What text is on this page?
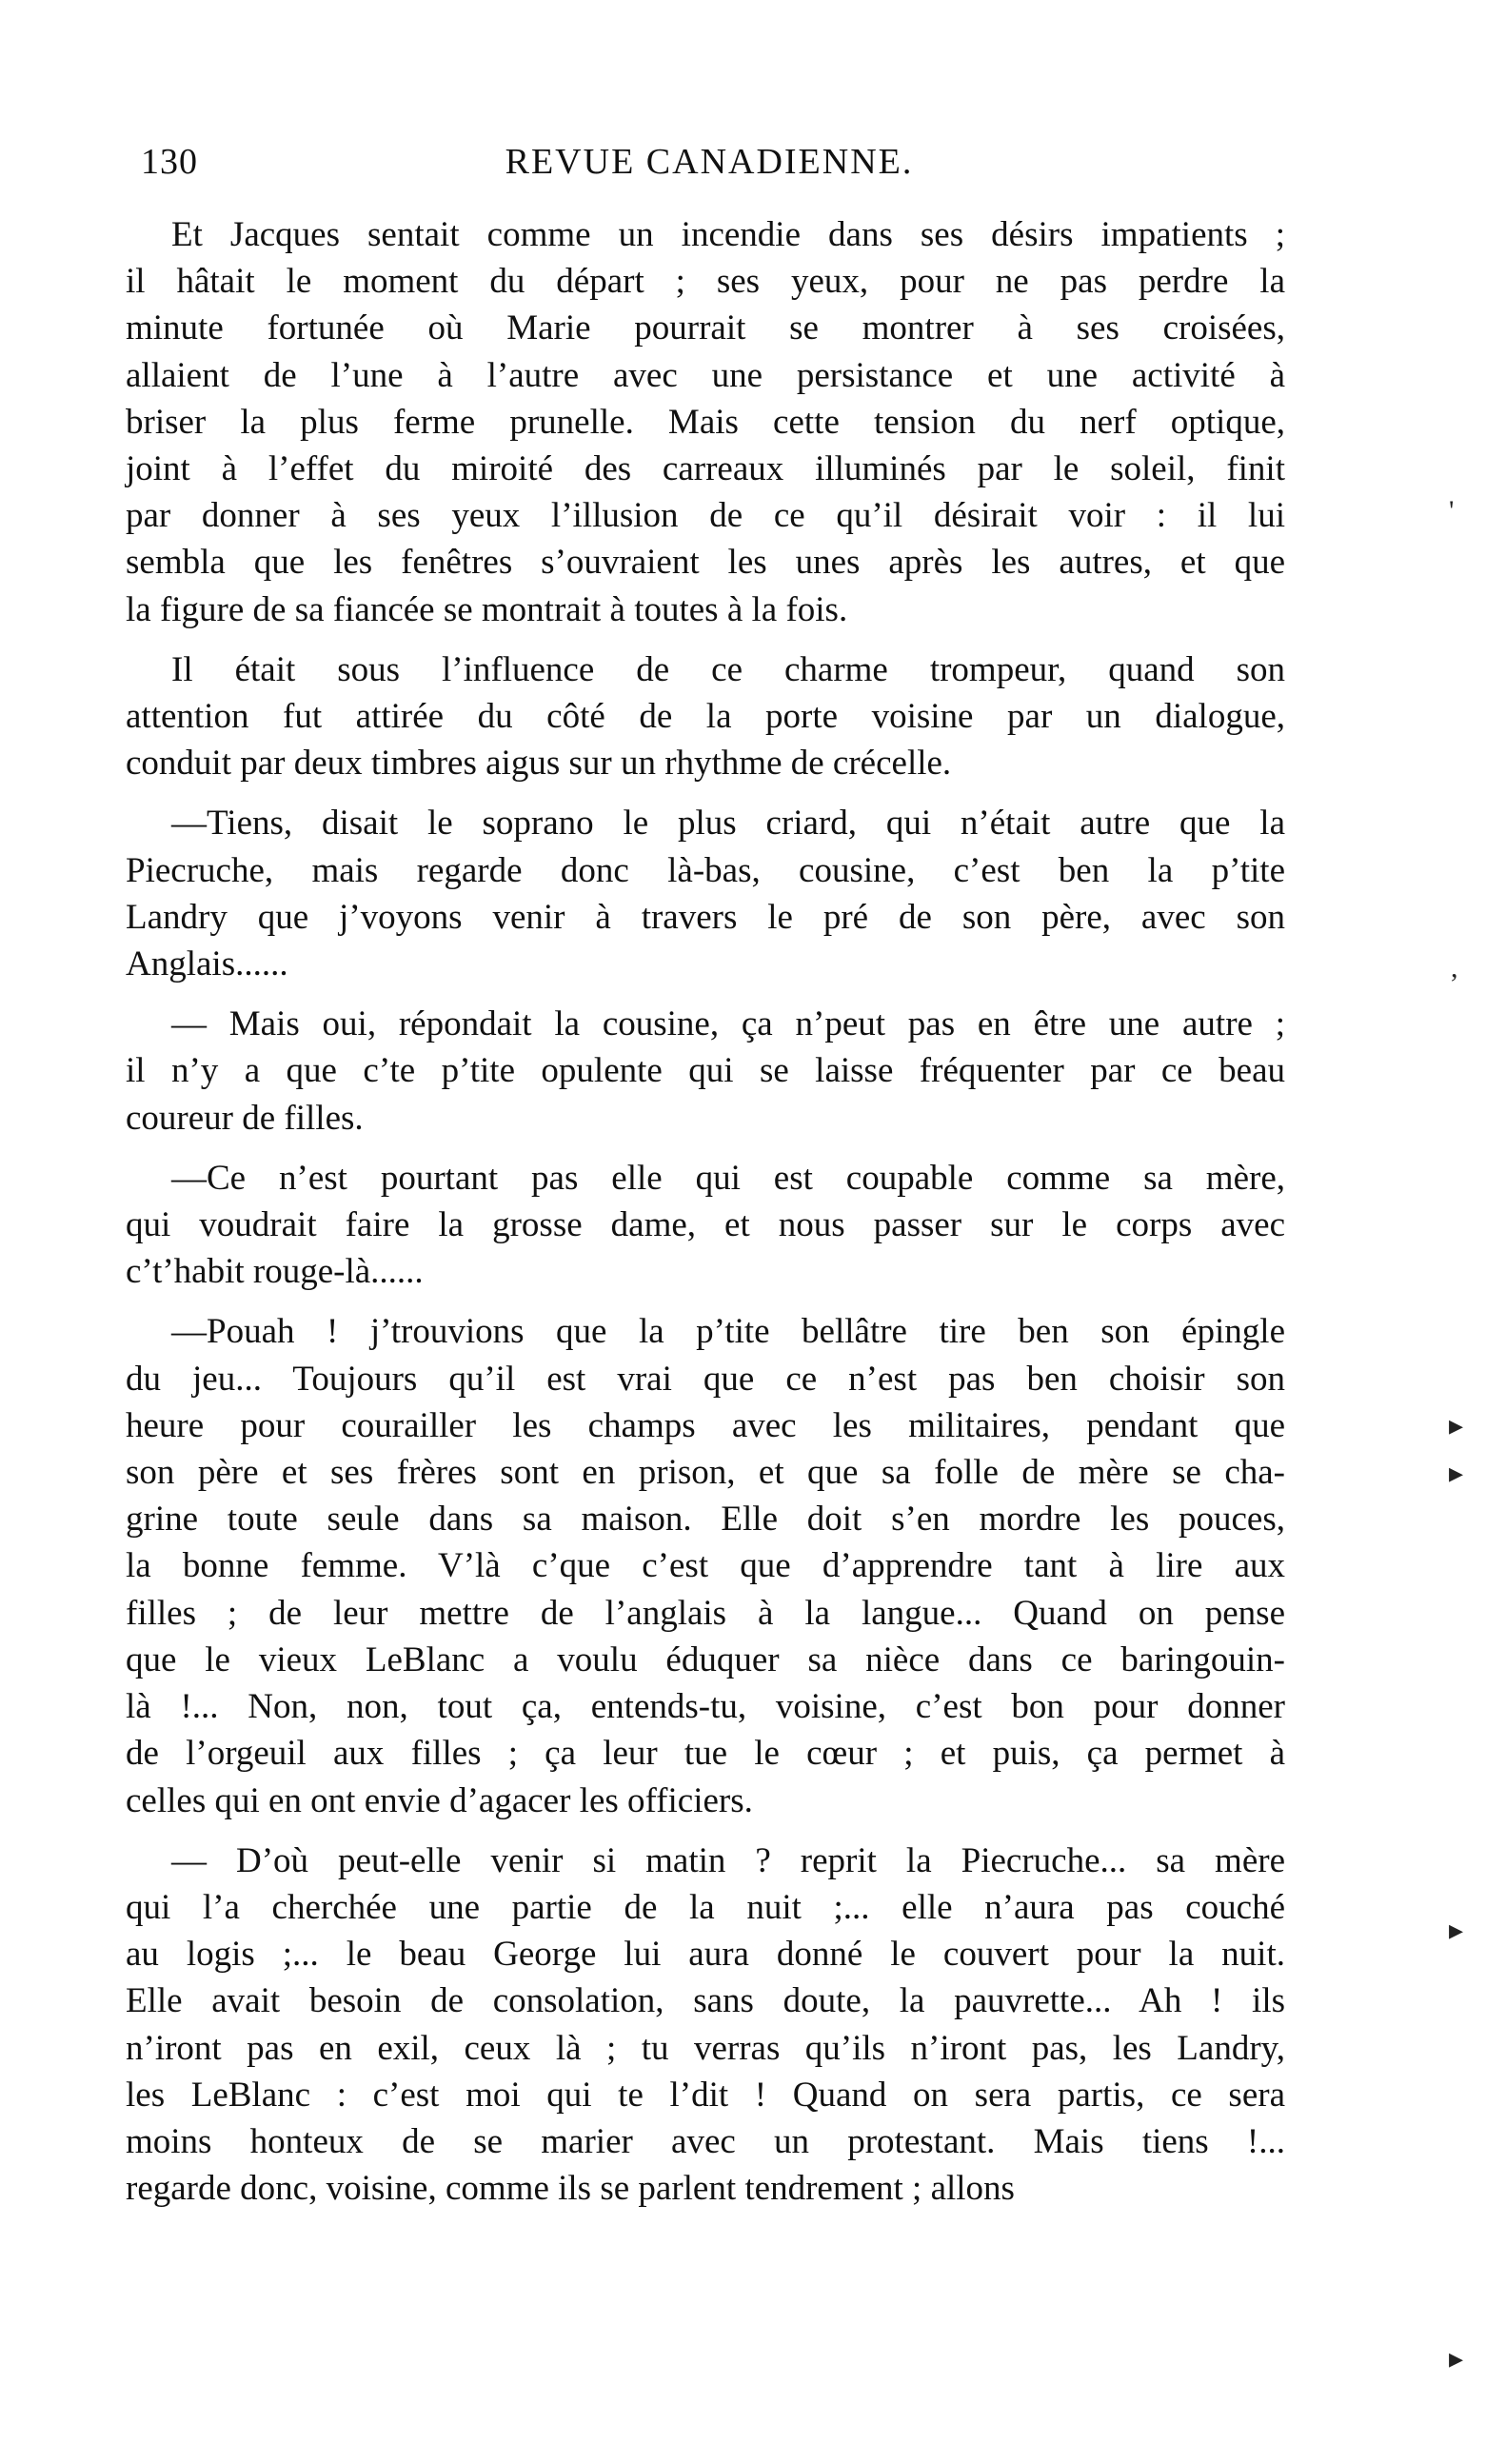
130	REVUE CANADIENNE.
Et Jacques sentait comme un incendie dans ses désirs impatients ;
il hâtait le moment du départ ; ses yeux, pour ne pas perdre la
minute fortunée où Marie pourrait se montrer à ses croisées,
allaient de l’une à l’autre avec une persistance et une activité à
briser la plus ferme prunelle. Mais cette tension du nerf optique,
joint à l’effet du miroité des carreaux illuminés par le soleil, finit
par donner à ses yeux l’illusion de ce qu’il désirait voir : il lui
sembla que les fenêtres s’ouvraient les unes après les autres, et que
la figure de sa fiancée se montrait à toutes à la fois.
Il était sous l’influence de ce charme trompeur, quand son
attention fut attirée du côté de la porte voisine par un dialogue,
conduit par deux timbres aigus sur un rhythme de crécelle.
—Tiens, disait le soprano le plus criard, qui n’était autre que la
Piecruche, mais regarde donc là-bas, cousine, c’est ben la p’tite
Landry que j’voyons venir à travers le pré de son père, avec son
Anglais......
— Mais oui, répondait la cousine, ça n’peut pas en être une autre ;
il n’y a que c’te p’tite opulente qui se laisse fréquenter par ce beau
coureur de filles.
—Ce n’est pourtant pas elle qui est coupable comme sa mère,
qui voudrait faire la grosse dame, et nous passer sur le corps avec
c’t’habit rouge-là......
—Pouah ! j’trouvions que la p’tite bellâtre tire ben son épingle
du jeu... Toujours qu’il est vrai que ce n’est pas ben choisir son
heure pour courailler les champs avec les militaires, pendant que
son père et ses frères sont en prison, et que sa folle de mère se cha-
grine toute seule dans sa maison. Elle doit s’en mordre les pouces,
la bonne femme. V’là c’que c’est que d’apprendre tant à lire aux
filles ; de leur mettre de l’anglais à la langue... Quand on pense
que le vieux LeBlanc a voulu éduquer sa nièce dans ce baringouin-
là !... Non, non, tout ça, entends-tu, voisine, c’est bon pour donner
de l’orgeuil aux filles ; ça leur tue le cœur ; et puis, ça permet à
celles qui en ont envie d’agacer les officiers.
— D’où peut-elle venir si matin ? reprit la Piecruche... sa mère
qui l’a cherchée une partie de la nuit ;... elle n’aura pas couché
au logis ;... le beau George lui aura donné le couvert pour la nuit.
Elle avait besoin de consolation, sans doute, la pauvrette... Ah ! ils
n’iront pas en exil, ceux là ; tu verras qu’ils n’iront pas, les Landry,
les LeBlanc : c’est moi qui te l’dit ! Quand on sera partis, ce sera
moins honteux de se marier avec un protestant. Mais tiens !...
regarde donc, voisine, comme ils se parlent tendrement ; allons
'
,
▸
▸
▸
▸
